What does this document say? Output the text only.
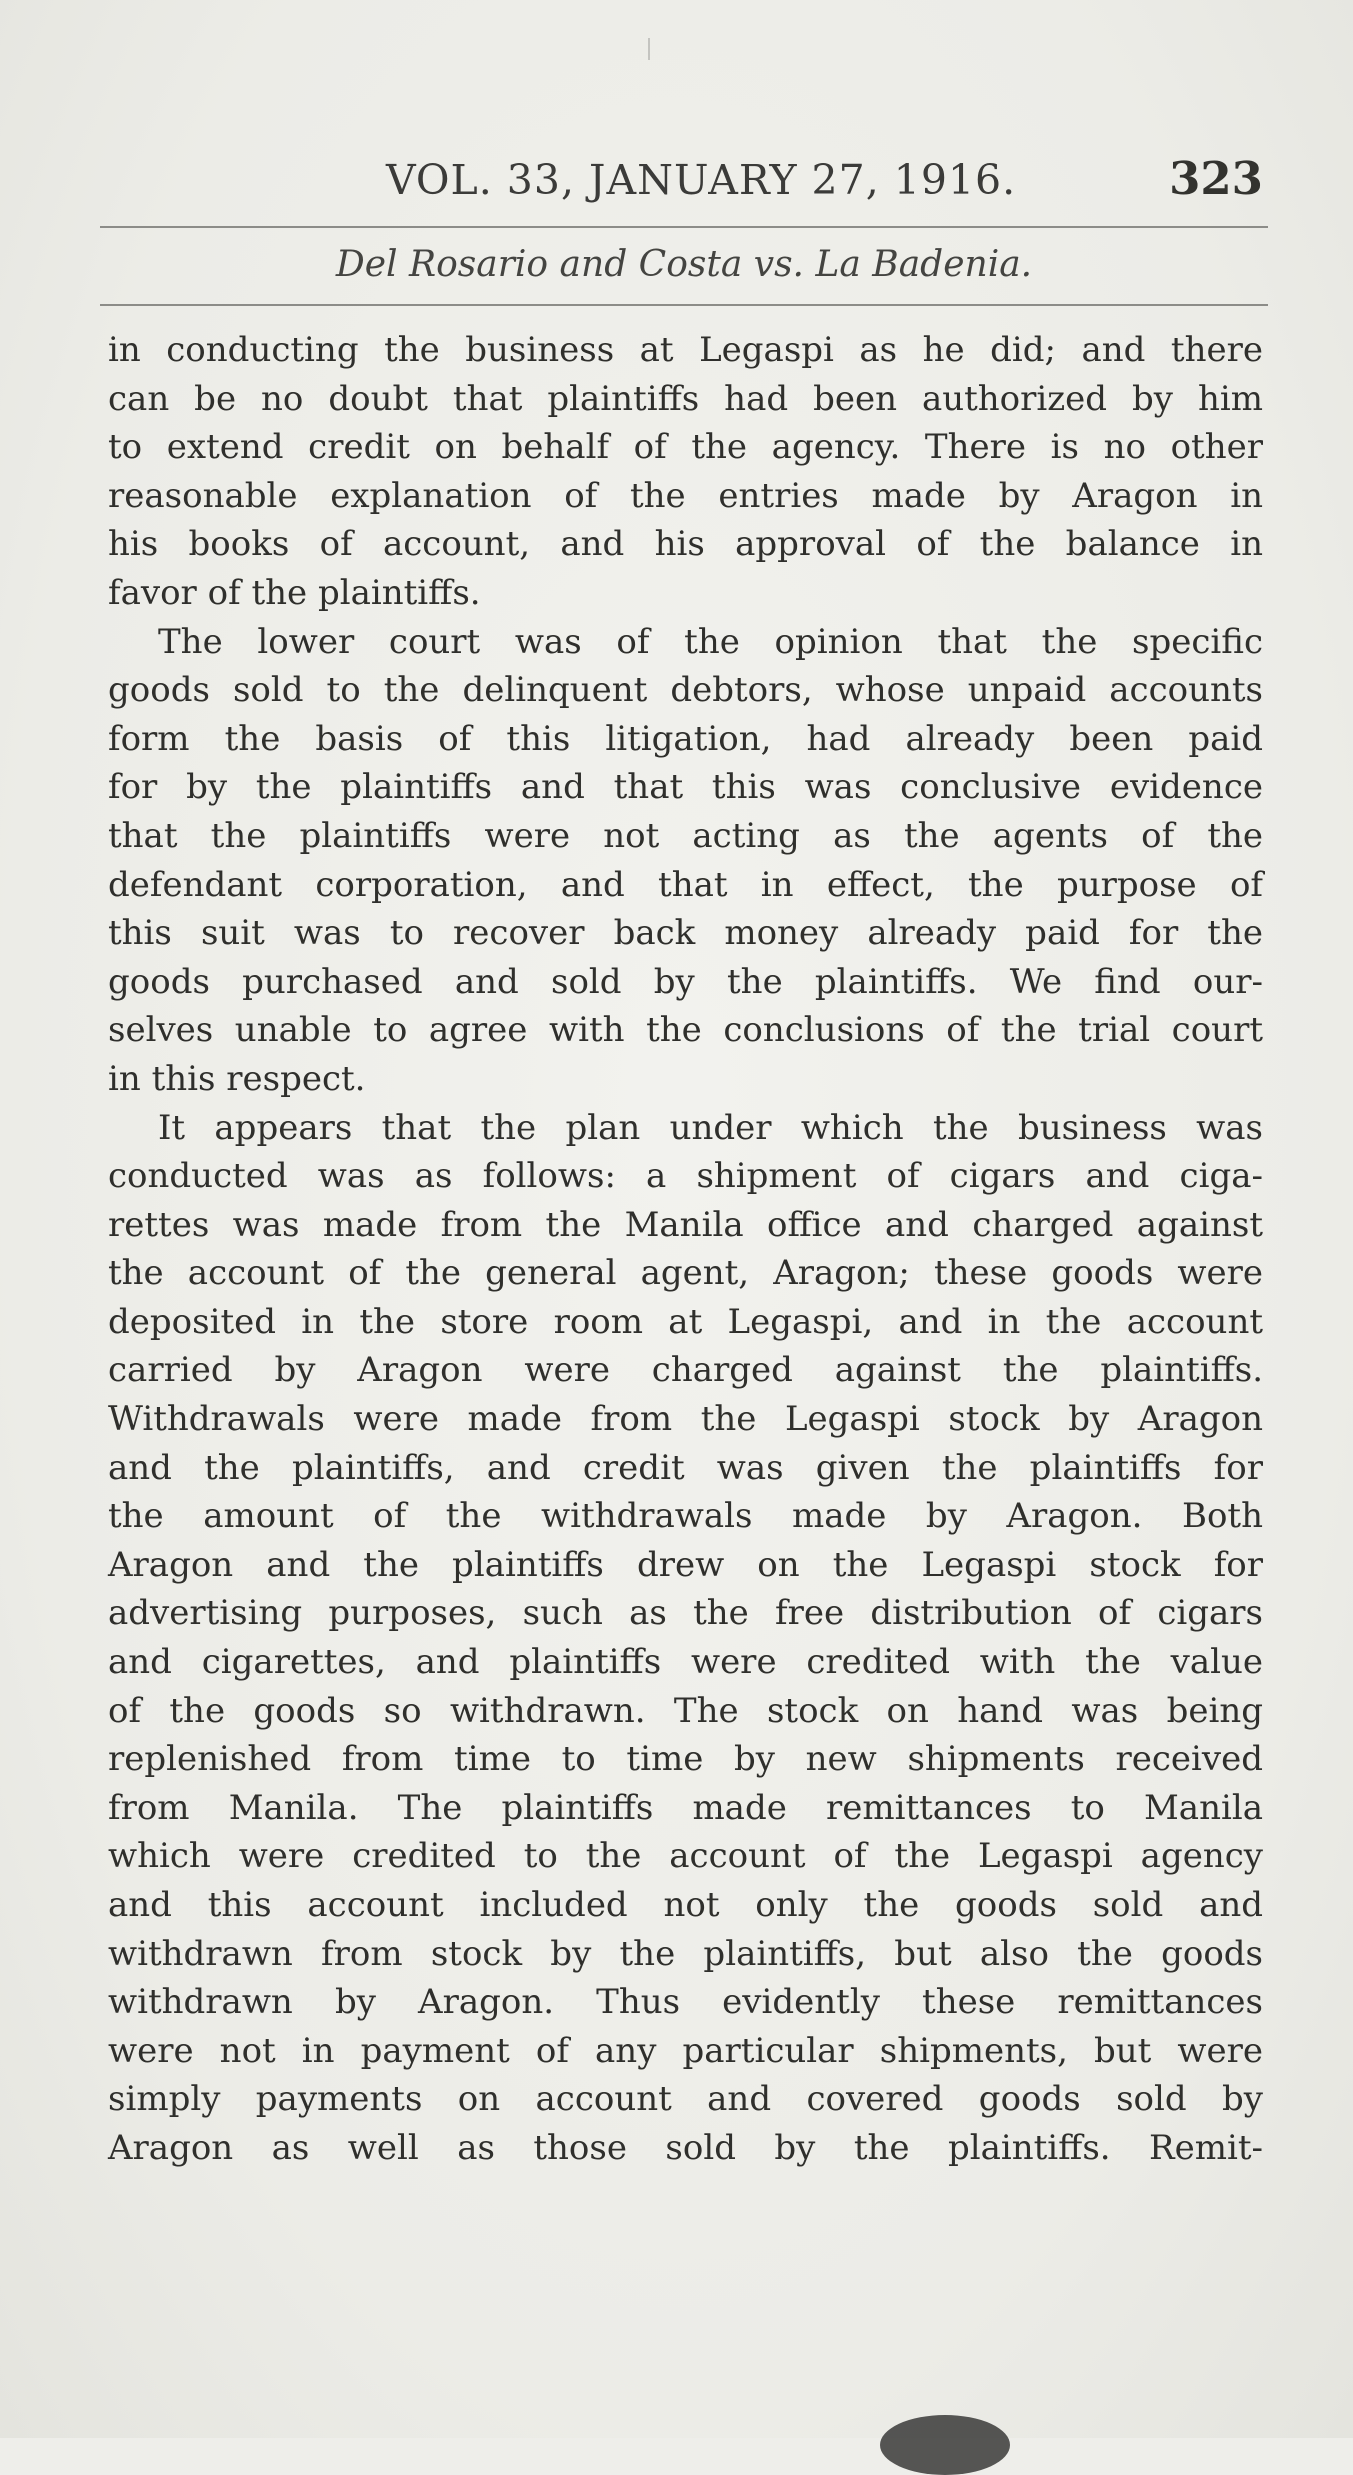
VOL. 33, JANUARY 27, 1916.	323
Del Rosario and Costa vs. La Badenia.
in conducting the business at Legaspi as he did; and there
can be no doubt that plaintiffs had been authorized by him
to extend credit on behalf of the agency. There is no other
reasonable explanation of the entries made by Aragon in
his books of account, and his approval of the balance in
favor of the plaintiffs.
The lower court was of the opinion that the specific
goods sold to the delinquent debtors, whose unpaid accounts
form the basis of this litigation, had already been paid
for by the plaintiffs and that this was conclusive evidence
that the plaintiffs were not acting as the agents of the
defendant corporation, and that in effect, the purpose of
this suit was to recover back money already paid for the
goods purchased and sold by the plaintiffs. We find our-
selves unable to agree with the conclusions of the trial court
in this respect.
It appears that the plan under which the business was
conducted was as follows: a shipment of cigars and ciga-
rettes was made from the Manila office and charged against
the account of the general agent, Aragon; these goods were
deposited in the store room at Legaspi, and in the account
carried by Aragon were charged against the plaintiffs.
Withdrawals were made from the Legaspi stock by Aragon
and the plaintiffs, and credit was given the plaintiffs for
the amount of the withdrawals made by Aragon. Both
Aragon and the plaintiffs drew on the Legaspi stock for
advertising purposes, such as the free distribution of cigars
and cigarettes, and plaintiffs were credited with the value
of the goods so withdrawn. The stock on hand was being
replenished from time to time by new shipments received
from Manila. The plaintiffs made remittances to Manila
which were credited to the account of the Legaspi agency
and this account included not only the goods sold and
withdrawn from stock by the plaintiffs, but also the goods
withdrawn by Aragon. Thus evidently these remittances
were not in payment of any particular shipments, but were
simply payments on account and covered goods sold by
Aragon as well as those sold by the plaintiffs. Remit-
